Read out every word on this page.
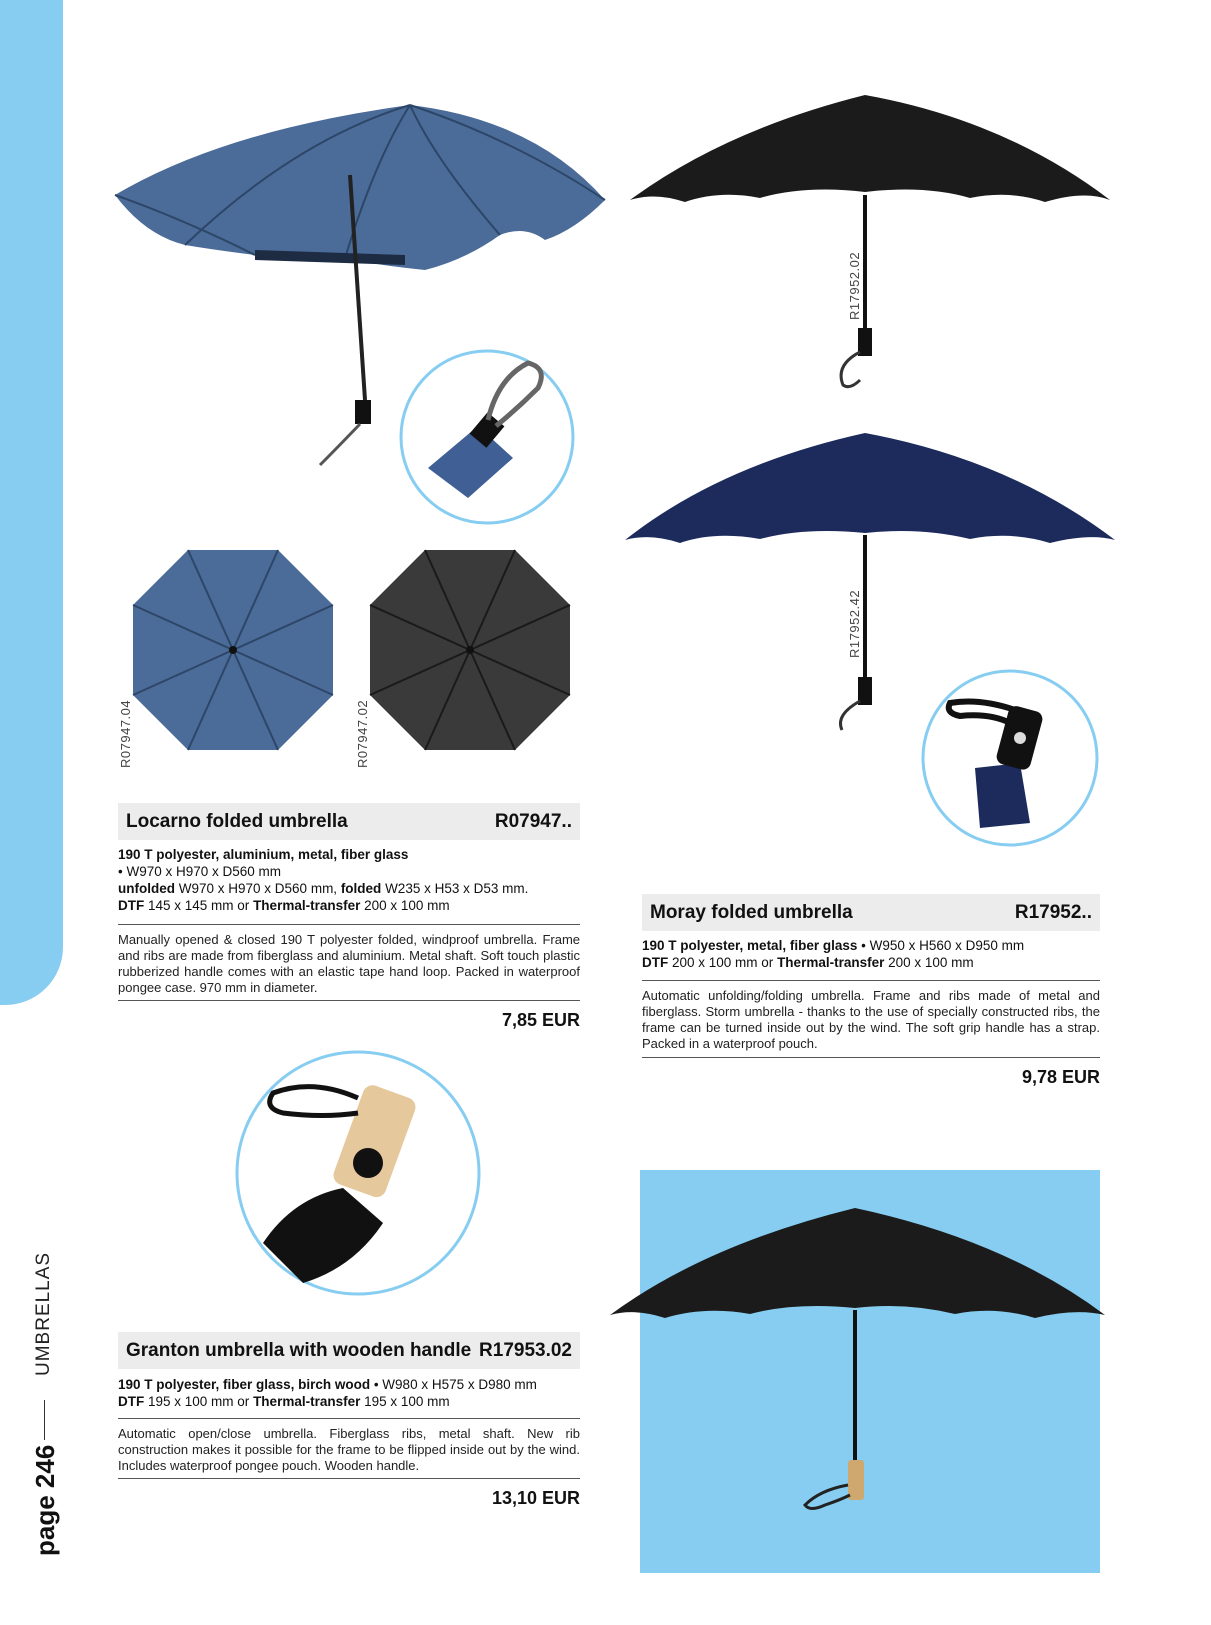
page 246
UMBRELLAS
R07947.04	R07947.02
Locarno folded umbrella	R07947..
190 T polyester, aluminium, metal, fiber glass
• W970 x H970 x D560 mm
unfolded W970 x H970 x D560 mm, folded W235 x H53 x D53 mm.
DTF 145 x 145 mm or Thermal-transfer 200 x 100 mm
Manually opened & closed 190 T polyester folded, windproof umbrella. Frame and ribs are made from fiberglass and aluminium. Metal shaft. Soft touch plastic rubberized handle comes with an elastic tape hand loop. Packed in waterproof pongee case. 970 mm in diameter.
7,85 EUR
R17952.02
R17952.42
Moray folded umbrella	R17952..
190 T polyester, metal, fiber glass • W950 x H560 x D950 mm
DTF 200 x 100 mm or Thermal-transfer 200 x 100 mm
Automatic unfolding/folding umbrella. Frame and ribs made of metal and fiberglass. Storm umbrella - thanks to the use of specially constructed ribs, the frame can be turned inside out by the wind. The soft grip handle has a strap. Packed in a waterproof pouch.
9,78 EUR
Granton umbrella with wooden handle R17953.02
190 T polyester, fiber glass, birch wood • W980 x H575 x D980 mm
DTF 195 x 100 mm or Thermal-transfer 195 x 100 mm
Automatic open/close umbrella. Fiberglass ribs, metal shaft. New rib construction makes it possible for the frame to be flipped inside out by the wind. Includes waterproof pongee pouch. Wooden handle.
13,10 EUR
